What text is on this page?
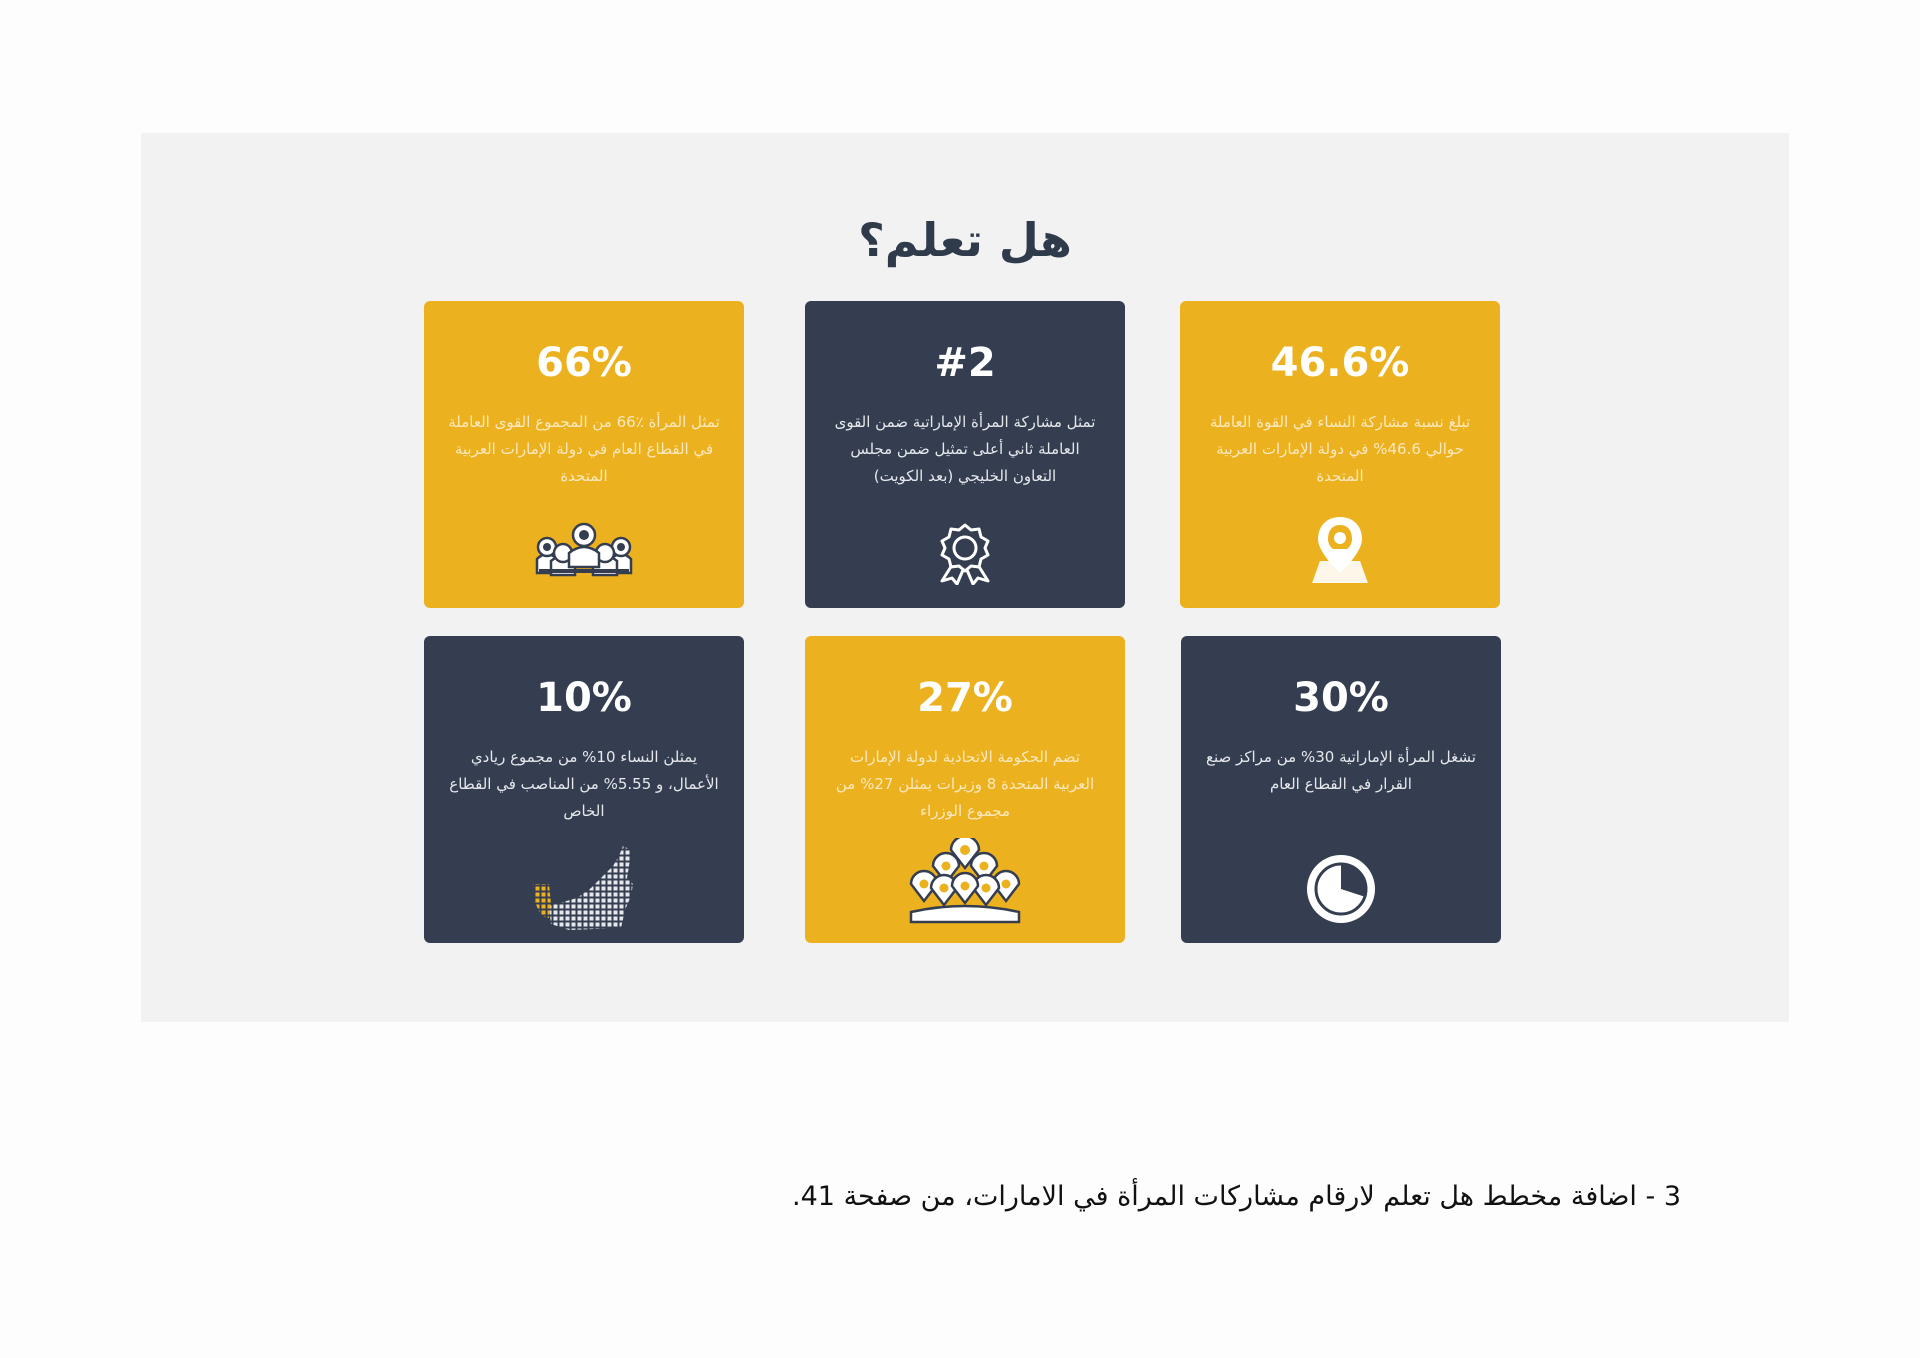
هل تعلم؟
66%
تمثل المرأة ٪66 من المجموع القوى العاملة في القطاع العام في دولة الإمارات العربية المتحدة
#2
تمثل مشاركة المرأة الإماراتية ضمن القوى العاملة ثاني أعلى تمثيل ضمن مجلس التعاون الخليجي (بعد الكويت)
46.6%
تبلغ نسبة مشاركة النساء في القوة العاملة حوالي 46.6% في دولة الإمارات العربية المتحدة
10%
يمثلن النساء 10% من مجموع ريادي الأعمال، و 5.55% من المناصب في القطاع الخاص
27%
تضم الحكومة الاتحادية لدولة الإمارات العربية المتحدة 8 وزيرات يمثلن 27% من مجموع الوزراء
30%
تشغل المرأة الإماراتية 30% من مراكز صنع القرار في القطاع العام
3 - اضافة مخطط هل تعلم لارقام مشاركات المرأة في الامارات، من صفحة 41.
